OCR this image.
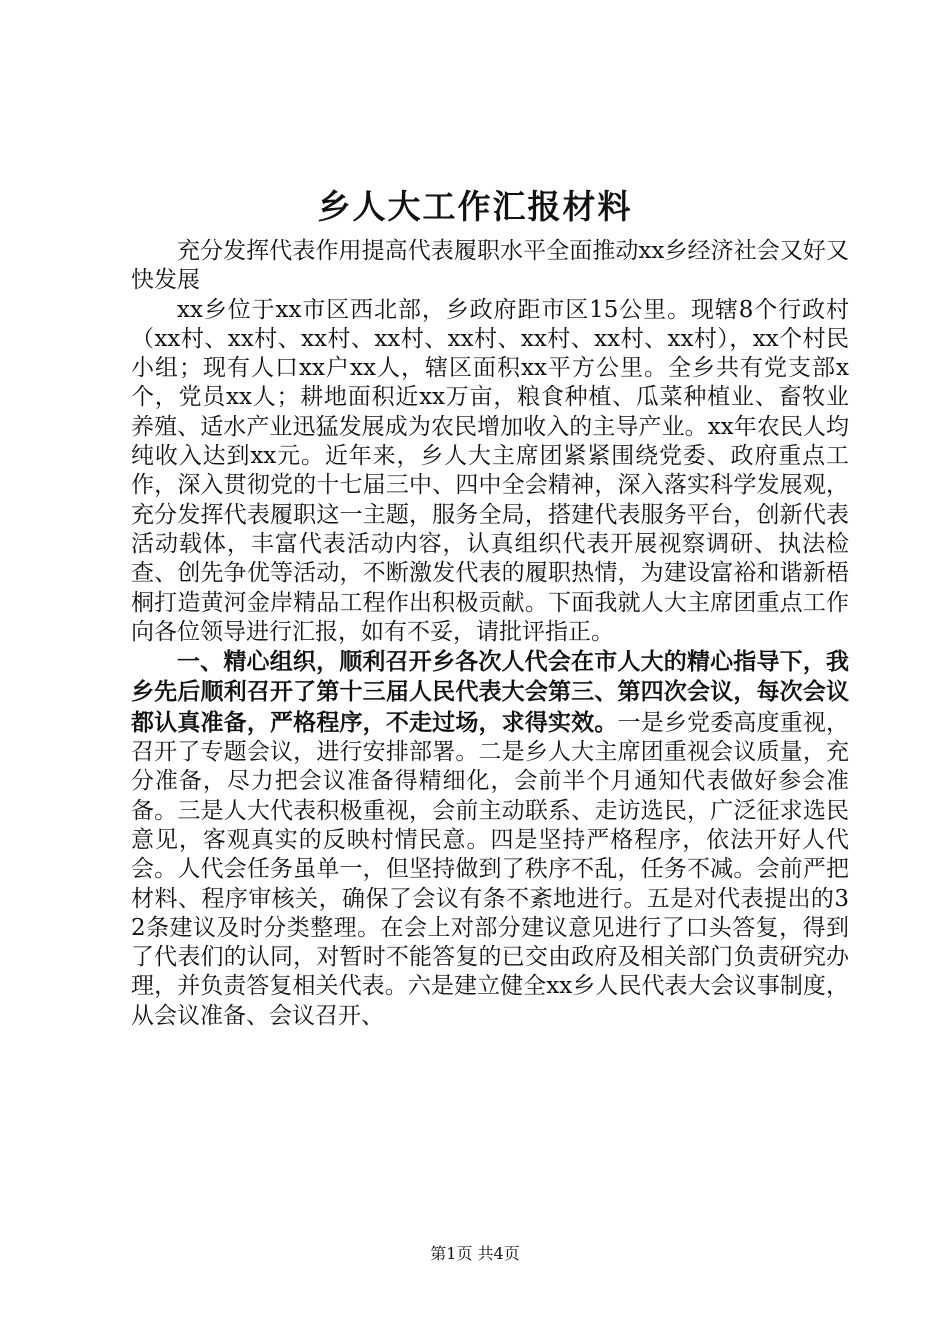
乡人大工作汇报材料

充分发挥代表作用提高代表履职水平全面推动xx乡经济社会又好又快发展

xx乡位于xx市区西北部，乡政府距市区15公里。现辖8个行政村（xx村、xx村、xx村、xx村、xx村、xx村、xx村、xx村），xx个村民小组；现有人口xx户xx人，辖区面积xx平方公里。全乡共有党支部x个，党员xx人；耕地面积近xx万亩，粮食种植、瓜菜种植业、畜牧业养殖、适水产业迅猛发展成为农民增加收入的主导产业。xx年农民人均纯收入达到xx元。近年来，乡人大主席团紧紧围绕党委、政府重点工作，深入贯彻党的十七届三中、四中全会精神，深入落实科学发展观，充分发挥代表履职这一主题，服务全局，搭建代表服务平台，创新代表活动载体，丰富代表活动内容，认真组织代表开展视察调研、执法检查、创先争优等活动，不断激发代表的履职热情，为建设富裕和谐新梧桐打造黄河金岸精品工程作出积极贡献。下面我就人大主席团重点工作向各位领导进行汇报，如有不妥，请批评指正。

一、精心组织，顺利召开乡各次人代会在市人大的精心指导下，我乡先后顺利召开了第十三届人民代表大会第三、第四次会议，每次会议都认真准备，严格程序，不走过场，求得实效。一是乡党委高度重视，召开了专题会议，进行安排部署。二是乡人大主席团重视会议质量，充分准备，尽力把会议准备得精细化，会前半个月通知代表做好参会准备。三是人大代表积极重视，会前主动联系、走访选民，广泛征求选民意见，客观真实的反映村情民意。四是坚持严格程序，依法开好人代会。人代会任务虽单一，但坚持做到了秩序不乱，任务不减。会前严把材料、程序审核关，确保了会议有条不紊地进行。五是对代表提出的32条建议及时分类整理。在会上对部分建议意见进行了口头答复，得到了代表们的认同，对暂时不能答复的已交由政府及相关部门负责研究办理，并负责答复相关代表。六是建立健全xx乡人民代表大会议事制度，从会议准备、会议召开、

第1页 共4页
